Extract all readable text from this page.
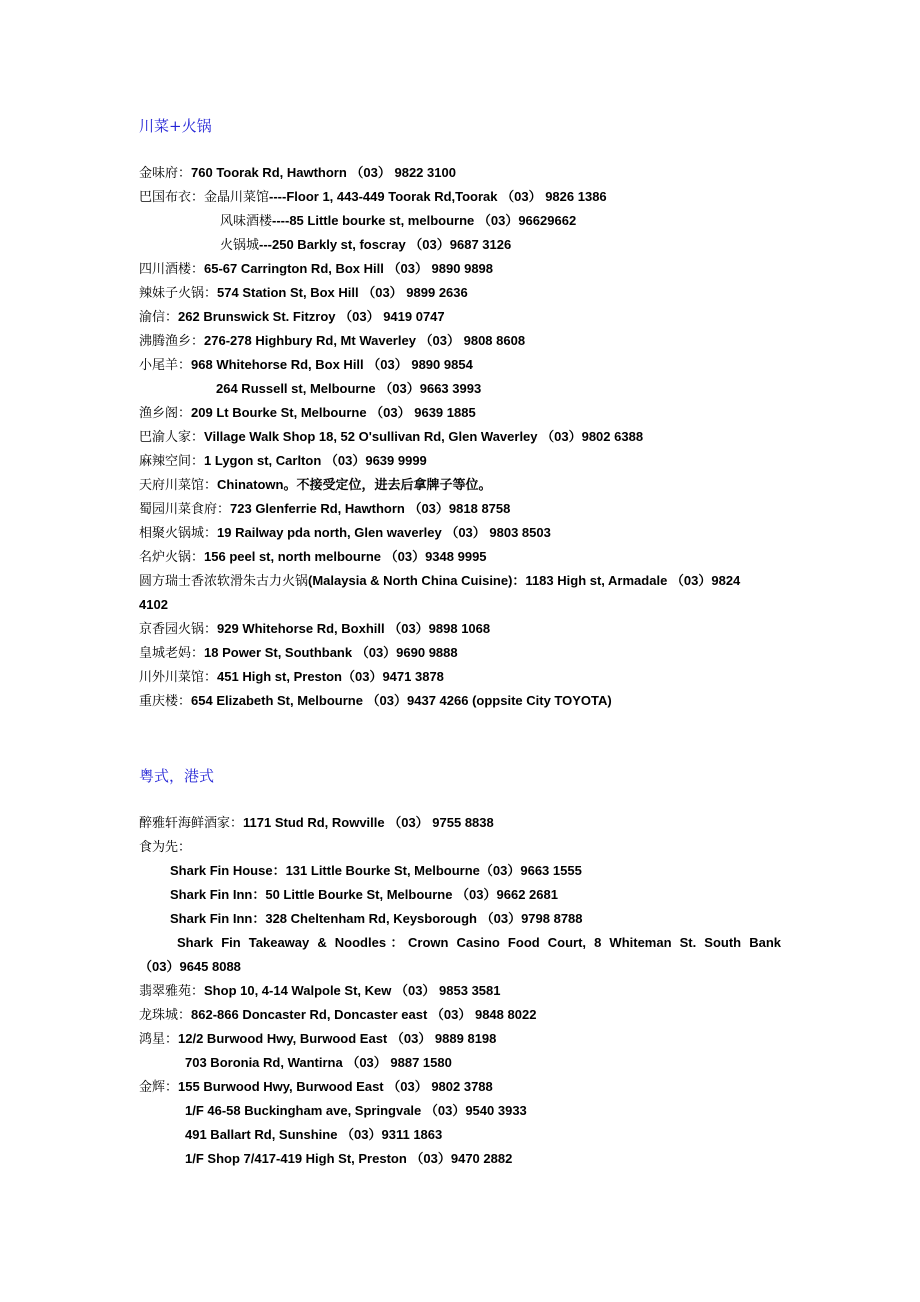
川菜+火锅
金味府：760 Toorak Rd, Hawthorn （03） 9822 3100
巴国布衣：金晶川菜馆----Floor 1, 443-449 Toorak Rd,Toorak （03） 9826 1386
风味酒楼----85 Little bourke st, melbourne （03）96629662
火锅城---250 Barkly st, foscray （03）9687 3126
四川酒楼：65-67 Carrington Rd, Box Hill （03） 9890 9898
辣妹子火锅：574 Station St, Box Hill （03） 9899 2636
渝信：262 Brunswick St. Fitzroy （03） 9419 0747
沸腾渔乡：276-278 Highbury Rd, Mt Waverley （03） 9808 8608
小尾羊：968 Whitehorse Rd, Box Hill （03） 9890 9854
264 Russell st, Melbourne （03）9663 3993
渔乡阁：209 Lt Bourke St, Melbourne （03） 9639 1885
巴渝人家：Village Walk Shop 18, 52 O'sullivan Rd, Glen Waverley （03）9802 6388
麻辣空间：1 Lygon st, Carlton （03）9639 9999
天府川菜馆：Chinatown。不接受定位，进去后拿牌子等位。
蜀园川菜食府：723 Glenferrie Rd, Hawthorn （03）9818 8758
相聚火锅城：19 Railway pda north, Glen waverley （03） 9803 8503
名炉火锅：156 peel st, north melbourne （03）9348 9995
圆方瑞士香浓软滑朱古力火锅(Malaysia & North China Cuisine)：1183 High st, Armadale （03）9824
4102
京香园火锅：929 Whitehorse Rd, Boxhill （03）9898 1068
皇城老妈：18 Power St, Southbank （03）9690 9888
川外川菜馆：451 High st, Preston（03）9471 3878
重庆楼：654 Elizabeth St, Melbourne （03）9437 4266 (oppsite City TOYOTA)
粤式，港式
醉雅轩海鲜酒家：1171 Stud Rd, Rowville （03） 9755 8838
食为先：
Shark Fin House：131 Little Bourke St, Melbourne（03）9663 1555
Shark Fin Inn：50 Little Bourke St, Melbourne （03）9662 2681
Shark Fin Inn：328 Cheltenham Rd, Keysborough （03）9798 8788
Shark Fin Takeaway & Noodles：Crown Casino Food Court, 8 Whiteman St. South Bank
（03）9645 8088
翡翠雅苑：Shop 10, 4-14 Walpole St, Kew （03） 9853 3581
龙珠城：862-866 Doncaster Rd, Doncaster east （03） 9848 8022
鸿星：12/2 Burwood Hwy, Burwood East （03） 9889 8198
703 Boronia Rd, Wantirna （03） 9887 1580
金辉：155 Burwood Hwy, Burwood East （03） 9802 3788
1/F 46-58 Buckingham ave, Springvale （03）9540 3933
491 Ballart Rd, Sunshine （03）9311 1863
1/F Shop 7/417-419 High St, Preston （03）9470 2882
